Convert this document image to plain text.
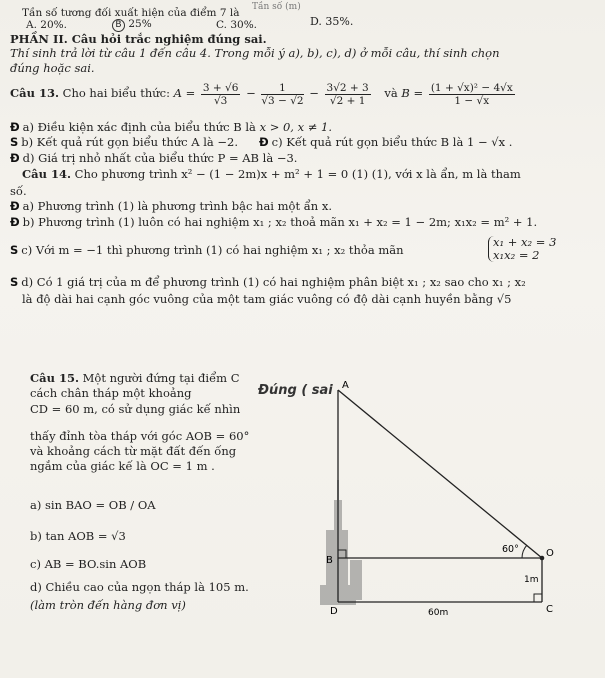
Tần số (m)
Tần số tương đối xuất hiện của điểm 7 là
A. 20%.	B 25%	C. 30%.	D. 35%.
PHẦN II. Câu hỏi trắc nghiệm đúng sai.
Thí sinh trả lời từ câu 1 đến câu 4. Trong mỗi ý a), b), c), d) ở mỗi câu, thí sinh chọn
đúng hoặc sai.
Câu 13. Cho hai biểu thức: $A = \frac{3 + √6}{√3} - \frac{1}{√3 - √2} - \frac{3√2 + 3}{√2 + 1}$ và $B = \frac{\text{(1 + √x)² − 4√x}}{1 - √x}$
Đ a) Điều kiện xác định của biểu thức B là x > 0, x ≠ 1.
S b) Kết quả rút gọn biểu thức A là −2. Đ c) Kết quả rút gọn biểu thức B là 1 − √x .
Đ d) Giá trị nhỏ nhất của biểu thức P = AB là −3.
Câu 14. Cho phương trình x² − (1 − 2m)x + m² + 1 = 0 (1) (1), với x là ẩn, m là tham
số.
Đ a) Phương trình (1) là phương trình bậc hai một ẩn x.
Đ b) Phương trình (1) luôn có hai nghiệm x₁ ; x₂ thoả mãn x₁ + x₂ = 1 − 2m; x₁x₂ = m² + 1.
S c) Với m = −1 thì phương trình (1) có hai nghiệm x₁ ; x₂ thỏa mãn
x₁ + x₂ = 3
x₁x₂ = 2
S d) Có 1 giá trị của m để phương trình (1) có hai nghiệm phân biệt x₁ ; x₂ sao cho x₁ ; x₂
là độ dài hai cạnh góc vuông của một tam giác vuông có độ dài cạnh huyền bằng √5
Câu 15. Một người đứng tại điểm C
cách chân tháp một khoảng
CD = 60 m, có sử dụng giác kế nhìn
thấy đỉnh tòa tháp với góc AOB = 60°
và khoảng cách từ mặt đất đến ống
ngắm của giác kế là OC = 1 m .
Đúng ( sai
a) sin BAO = OB / OA
b) tan AOB = √3
c) AB = BO.sin AOB
d) Chiều cao của ngọn tháp là 105 m.
(làm tròn đến hàng đơn vị)
A
B
O
C
D
60°
1m
60m
